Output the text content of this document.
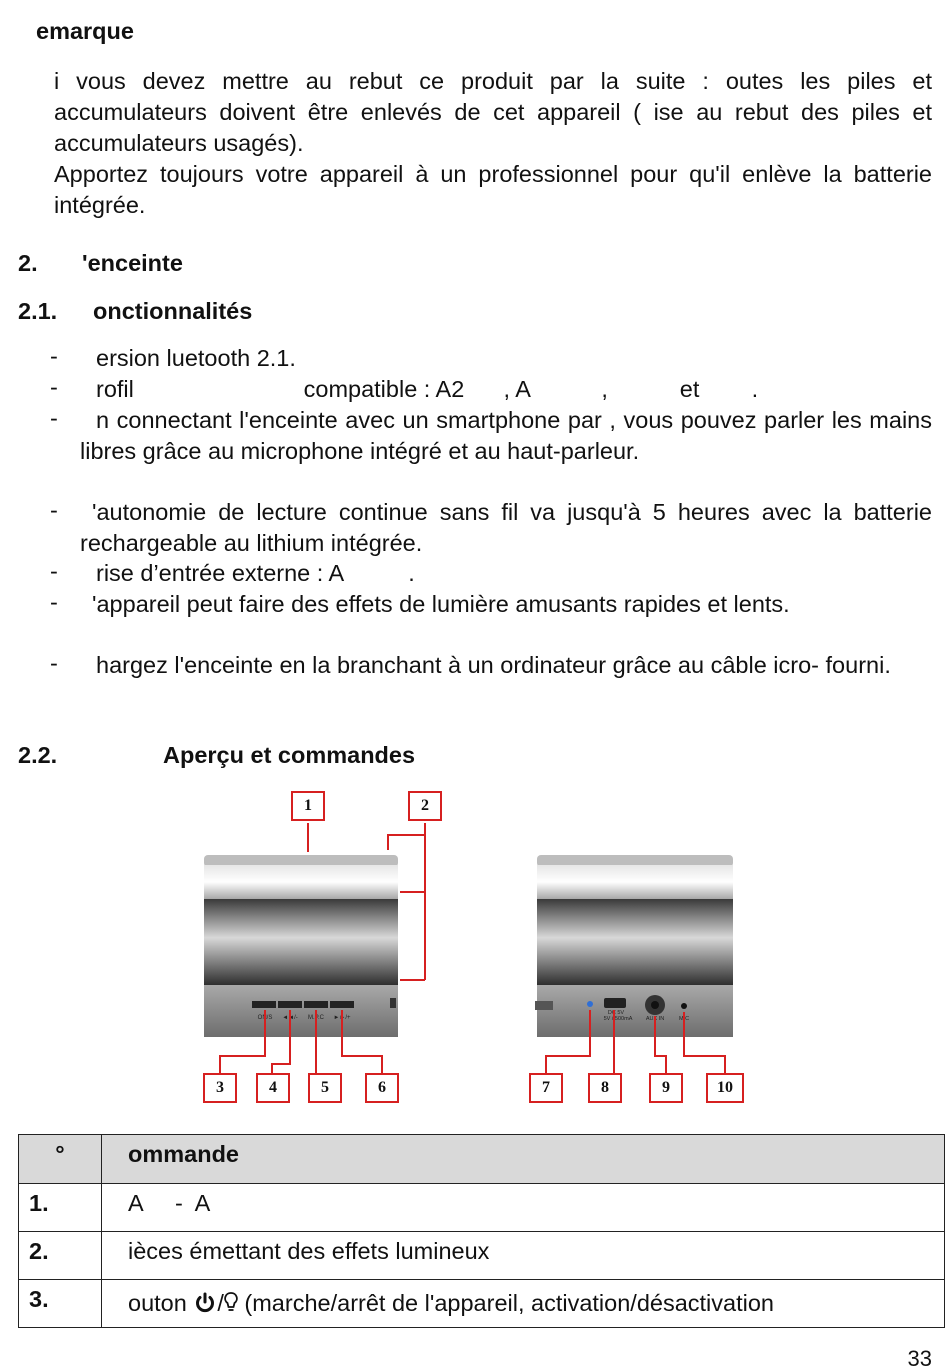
emarque
i vous devez mettre au rebut ce produit par la suite : outes les piles et accumulateurs doivent être enlevés de cet appareil ( ise au rebut des piles et accumulateurs usagés).
Apportez toujours votre appareil à un professionnel pour qu'il enlève la batterie intégrée.
2. 'enceinte
2.1. onctionnalités
- ersion luetooth 2.1.
- rofil                          compatible : A2      , A           ,           et        .
-	n connectant l'enceinte avec un smartphone par , vous pouvez parler les mains libres grâce au microphone intégré et au haut-parleur.
-	'autonomie de lecture continue sans fil va jusqu'à 5 heures avec la batterie rechargeable au lithium intégrée.
- rise d’entrée externe : A          .
-	'appareil peut faire des effets de lumière amusants rapides et lents.
-	hargez l'enceinte en la branchant à un ordinateur grâce au câble icro- fourni.
2.2.	Aperçu et commandes
ON/S ◄◄/- M.P.C ►►/+
DC 5V
5V / 500mA AUX IN	MIC
1	2
3	4	5	6	7	8	9	10
°	ommande
1.	A     -  A
2.	ièces émettant des effets lumineux
3.	outon / (marche/arrêt de l'appareil, activation/désactivation
33
